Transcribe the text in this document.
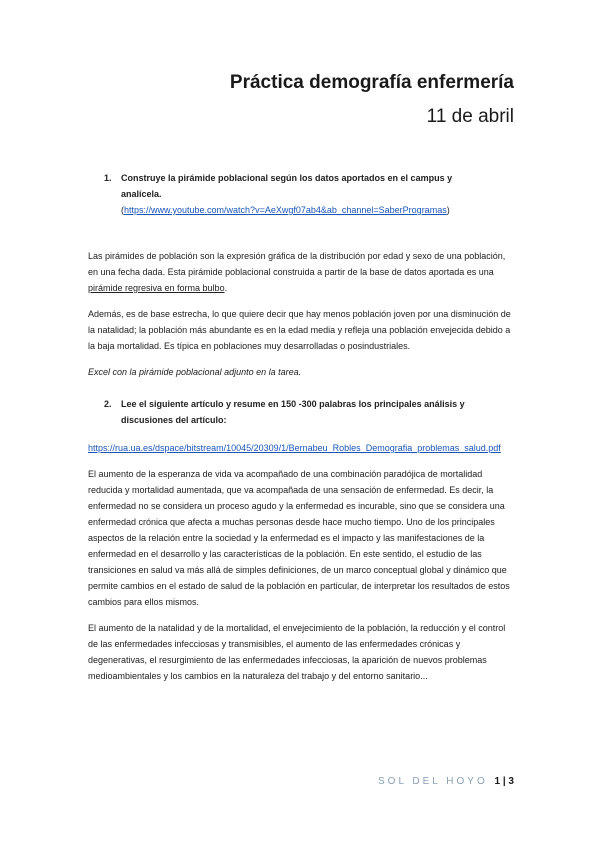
Práctica demografía enfermería
11 de abril
1.	Construye la pirámide poblacional según los datos aportados en el campus y
analícela.
(https://www.youtube.com/watch?v=AeXwgf07ab4&ab_channel=SaberProgramas)

Las pirámides de población son la expresión gráfica de la distribución por edad y sexo de una población, en una fecha dada. Esta pirámide poblacional construida a partir de la base de datos aportada es una pirámide regresiva en forma bulbo.

Además, es de base estrecha, lo que quiere decir que hay menos población joven por una disminución de la natalidad; la población más abundante es en la edad media y refleja una población envejecida debido a la baja mortalidad. Es típica en poblaciones muy desarrolladas o posindustriales.

Excel con la pirámide poblacional adjunto en la tarea.

2.	Lee el siguiente artículo y resume en 150 -300 palabras los principales análisis y discusiones del artículo:

https://rua.ua.es/dspace/bitstream/10045/20309/1/Bernabeu_Robles_Demografia_problemas_salud.pdf

El aumento de la esperanza de vida va acompañado de una combinación paradójica de mortalidad reducida y mortalidad aumentada, que va acompañada de una sensación de enfermedad. Es decir, la enfermedad no se considera un proceso agudo y la enfermedad es incurable, sino que se considera una enfermedad crónica que afecta a muchas personas desde hace mucho tiempo. Uno de los principales aspectos de la relación entre la sociedad y la enfermedad es el impacto y las manifestaciones de la enfermedad en el desarrollo y las características de la población. En este sentido, el estudio de las transiciones en salud va más allá de simples definiciones, de un marco conceptual global y dinámico que permite cambios en el estado de salud de la población en particular, de interpretar los resultados de estos cambios para ellos mismos.

El aumento de la natalidad y de la mortalidad, el envejecimiento de la población, la reducción y el control de las enfermedades infecciosas y transmisibles, el aumento de las enfermedades crónicas y degenerativas, el resurgimiento de las enfermedades infecciosas, la aparición de nuevos problemas medioambientales y los cambios en la naturaleza del trabajo y del entorno sanitario...

SOL DEL HOYO 1 | 3
